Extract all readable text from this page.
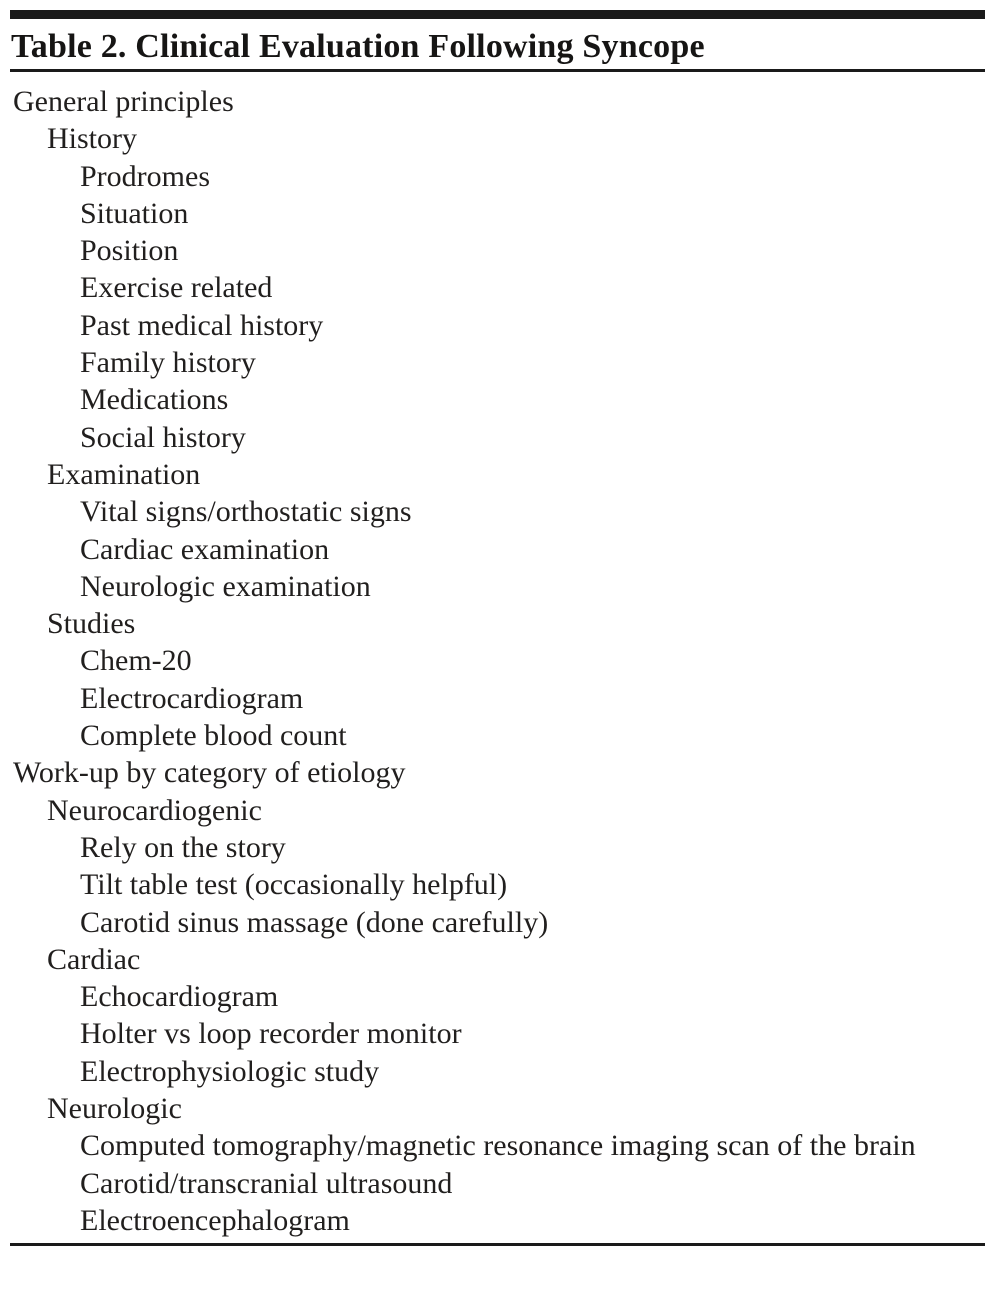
Table 2. Clinical Evaluation Following Syncope
General principles
History
Prodromes
Situation
Position
Exercise related
Past medical history
Family history
Medications
Social history
Examination
Vital signs/orthostatic signs
Cardiac examination
Neurologic examination
Studies
Chem-20
Electrocardiogram
Complete blood count
Work-up by category of etiology
Neurocardiogenic
Rely on the story
Tilt table test (occasionally helpful)
Carotid sinus massage (done carefully)
Cardiac
Echocardiogram
Holter vs loop recorder monitor
Electrophysiologic study
Neurologic
Computed tomography/magnetic resonance imaging scan of the brain
Carotid/transcranial ultrasound
Electroencephalogram
